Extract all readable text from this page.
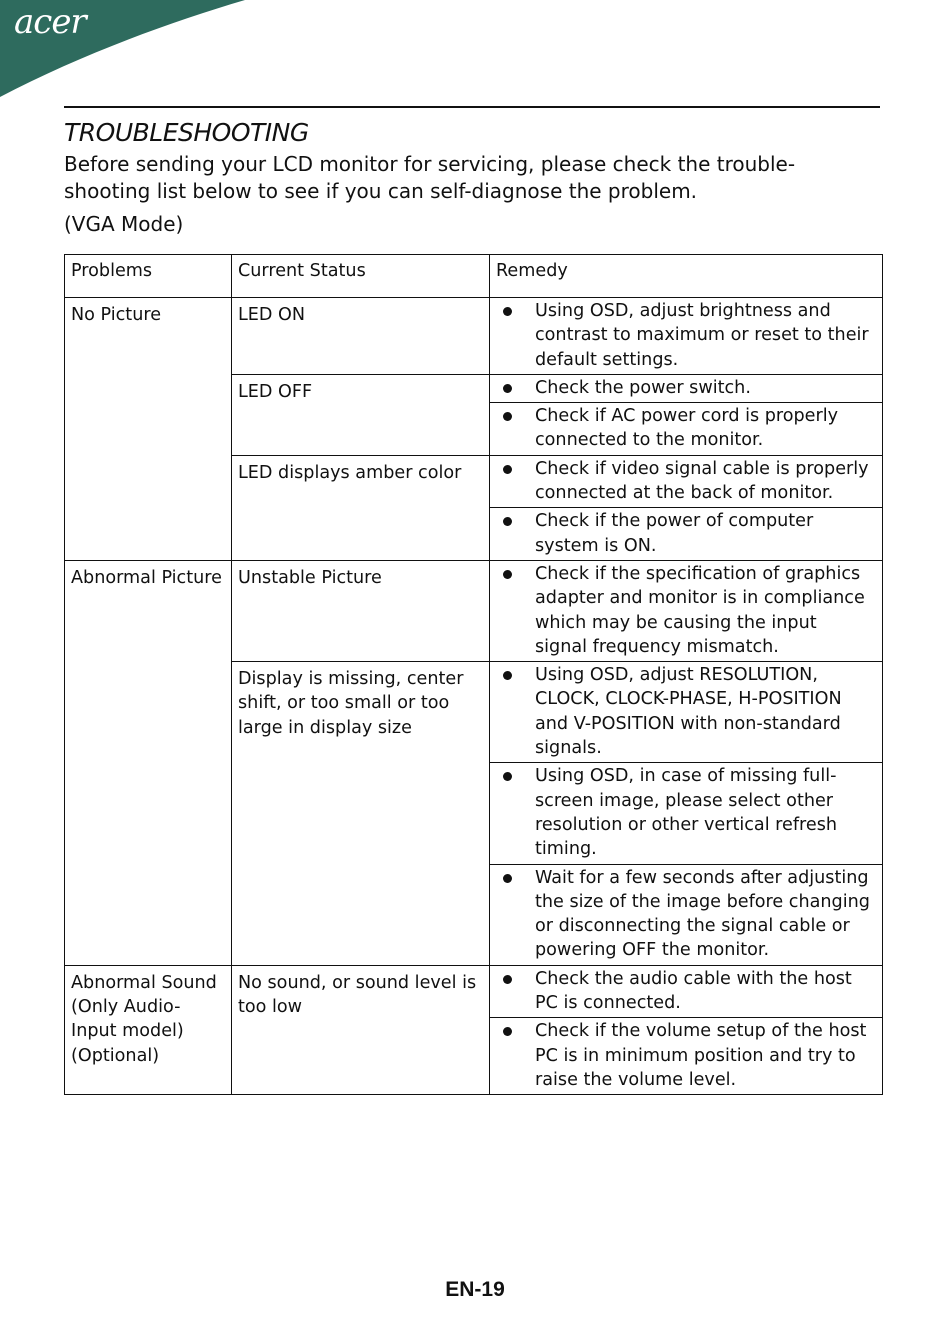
acer
TROUBLESHOOTING
Before sending your LCD monitor for servicing, please check the trouble-shooting list below to see if you can self-diagnose the problem.
(VGA Mode)
Problems	Current Status	Remedy
No Picture	LED ON	Using OSD, adjust brightness and contrast to maximum or reset to their default settings.

	LED OFF	Check the power switch.

		Check if AC power cord is properly connected to the monitor.

	LED displays amber color	Check if video signal cable is properly connected at the back of monitor.

		Check if the power of computer system is ON.

Abnormal Picture	Unstable Picture	Check if the specification of graphics adapter and monitor is in compliance which may be causing the input signal frequency mismatch.

	Display is missing, center shift, or too small or too large in display size	Using OSD, adjust RESOLUTION, CLOCK, CLOCK-PHASE, H-POSITION and V-POSITION with non-standard signals.

		Using OSD, in case of missing full-screen image, please select other resolution or other vertical refresh timing.

		Wait for a few seconds after adjusting the size of the image before changing or disconnecting the signal cable or powering OFF the monitor.

Abnormal Sound (Only Audio-Input model) (Optional)	No sound, or sound level is too low	Check the audio cable with the host PC is connected.

		Check if the volume setup of the host PC is in minimum position and try to raise the volume level.
EN-19
